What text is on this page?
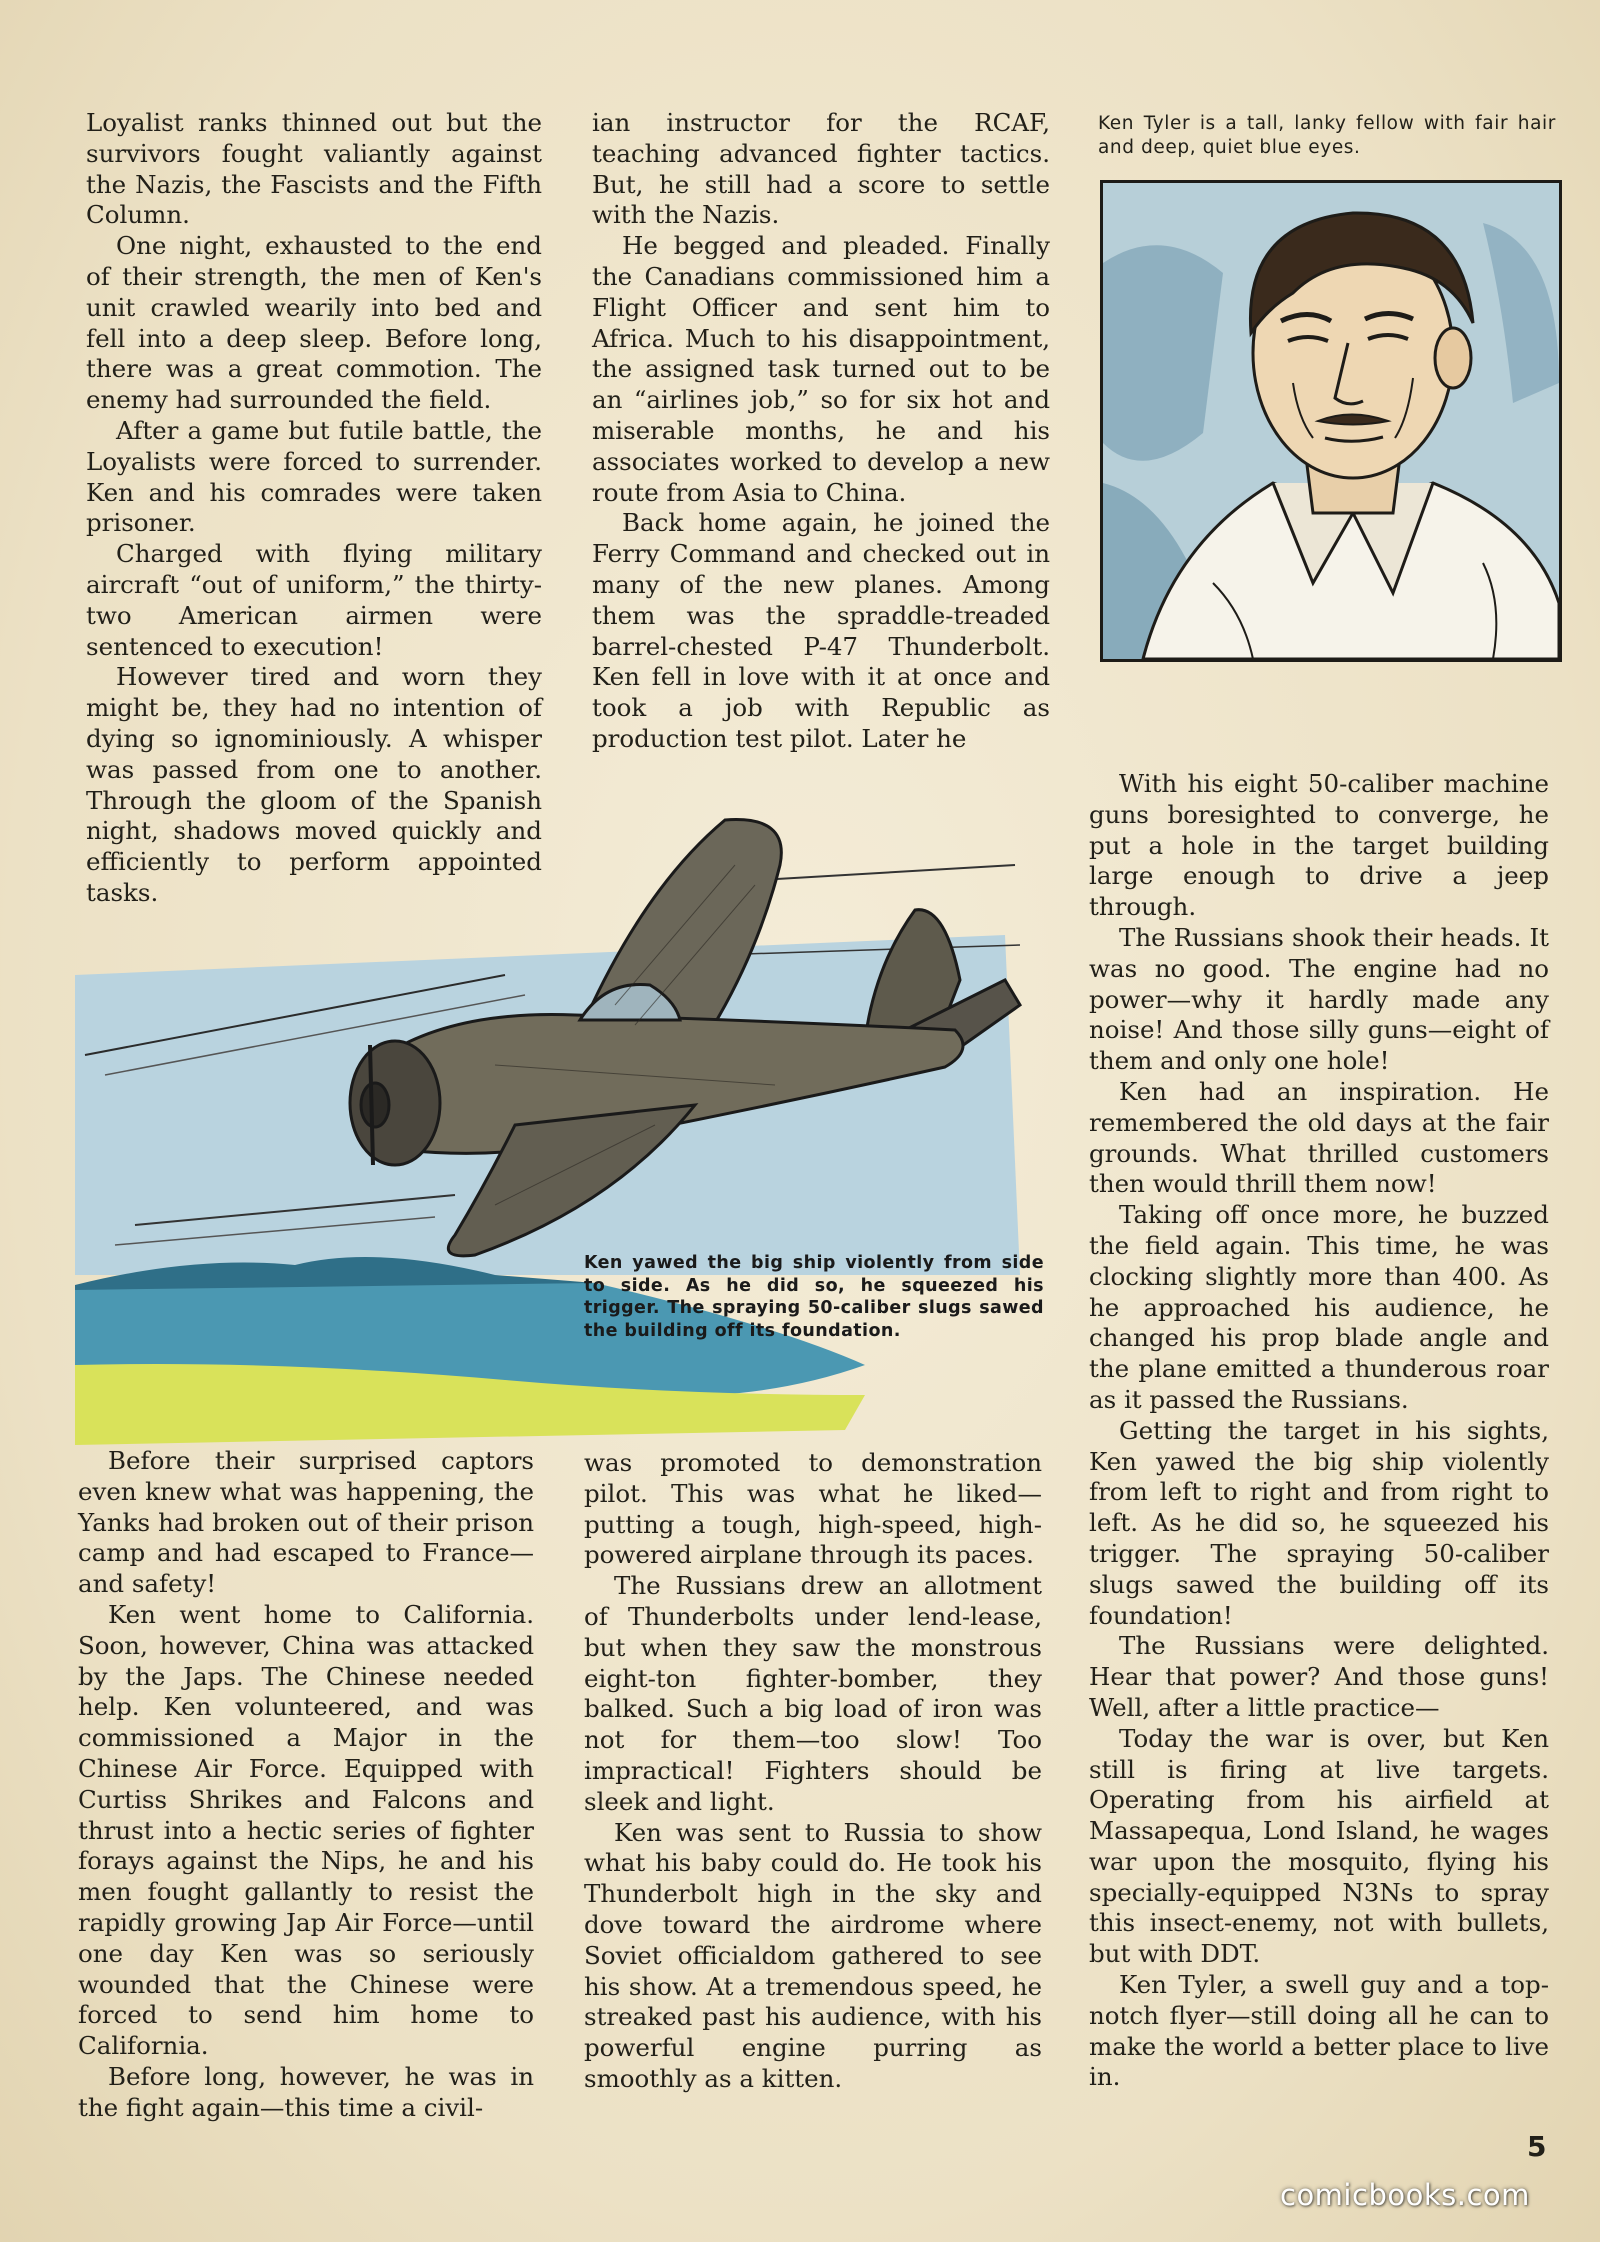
Loyalist ranks thinned out but the survivors fought valiantly against the Nazis, the Fascists and the Fifth Column.

One night, exhausted to the end of their strength, the men of Ken's unit crawled wearily into bed and fell into a deep sleep. Before long, there was a great commotion. The enemy had surrounded the field.

After a game but futile battle, the Loyalists were forced to surrender. Ken and his comrades were taken prisoner.

Charged with flying military aircraft “out of uniform,” the thirty-two American airmen were sentenced to execution!

However tired and worn they might be, they had no intention of dying so ignominiously. A whisper was passed from one to another. Through the gloom of the Spanish night, shadows moved quickly and efficiently to perform appointed tasks.

ian instructor for the RCAF, teaching advanced fighter tactics. But, he still had a score to settle with the Nazis.

He begged and pleaded. Finally the Canadians commissioned him a Flight Officer and sent him to Africa. Much to his disappointment, the assigned task turned out to be an “airlines job,” so for six hot and miserable months, he and his associates worked to develop a new route from Asia to China.

Back home again, he joined the Ferry Command and checked out in many of the new planes. Among them was the spraddle-treaded barrel-chested P-47 Thunderbolt. Ken fell in love with it at once and took a job with Republic as production test pilot. Later he

Ken Tyler is a tall, lanky fellow with fair hair and deep, quiet blue eyes.
Ken yawed the big ship violently from side to side. As he did so, he squeezed his trigger. The spraying 50-caliber slugs sawed the building off its foundation.

With his eight 50-caliber machine guns boresighted to converge, he put a hole in the target building large enough to drive a jeep through.

The Russians shook their heads. It was no good. The engine had no power—why it hardly made any noise! And those silly guns—eight of them and only one hole!

Ken had an inspiration. He remembered the old days at the fair grounds. What thrilled customers then would thrill them now!

Taking off once more, he buzzed the field again. This time, he was clocking slightly more than 400. As he approached his audience, he changed his prop blade angle and the plane emitted a thunderous roar as it passed the Russians.

Getting the target in his sights, Ken yawed the big ship violently from left to right and from right to left. As he did so, he squeezed his trigger. The spraying 50-caliber slugs sawed the building off its foundation!

The Russians were delighted. Hear that power? And those guns! Well, after a little practice—

Today the war is over, but Ken still is firing at live targets. Operating from his airfield at Massapequa, Lond Island, he wages war upon the mosquito, flying his specially-equipped N3Ns to spray this insect-enemy, not with bullets, but with DDT.

Ken Tyler, a swell guy and a top-notch flyer—still doing all he can to make the world a better place to live in.

Before their surprised captors even knew what was happening, the Yanks had broken out of their prison camp and had escaped to France—and safety!

Ken went home to California. Soon, however, China was attacked by the Japs. The Chinese needed help. Ken volunteered, and was commissioned a Major in the Chinese Air Force. Equipped with Curtiss Shrikes and Falcons and thrust into a hectic series of fighter forays against the Nips, he and his men fought gallantly to resist the rapidly growing Jap Air Force—until one day Ken was so seriously wounded that the Chinese were forced to send him home to California.

Before long, however, he was in the fight again—this time a civil-

was promoted to demonstration pilot. This was what he liked—putting a tough, high-speed, high-powered airplane through its paces.

The Russians drew an allotment of Thunderbolts under lend-lease, but when they saw the monstrous eight-ton fighter-bomber, they balked. Such a big load of iron was not for them—too slow! Too impractical! Fighters should be sleek and light.

Ken was sent to Russia to show what his baby could do. He took his Thunderbolt high in the sky and dove toward the airdrome where Soviet officialdom gathered to see his show. At a tremendous speed, he streaked past his audience, with his powerful engine purring as smoothly as a kitten.

5
comicbooks.com
